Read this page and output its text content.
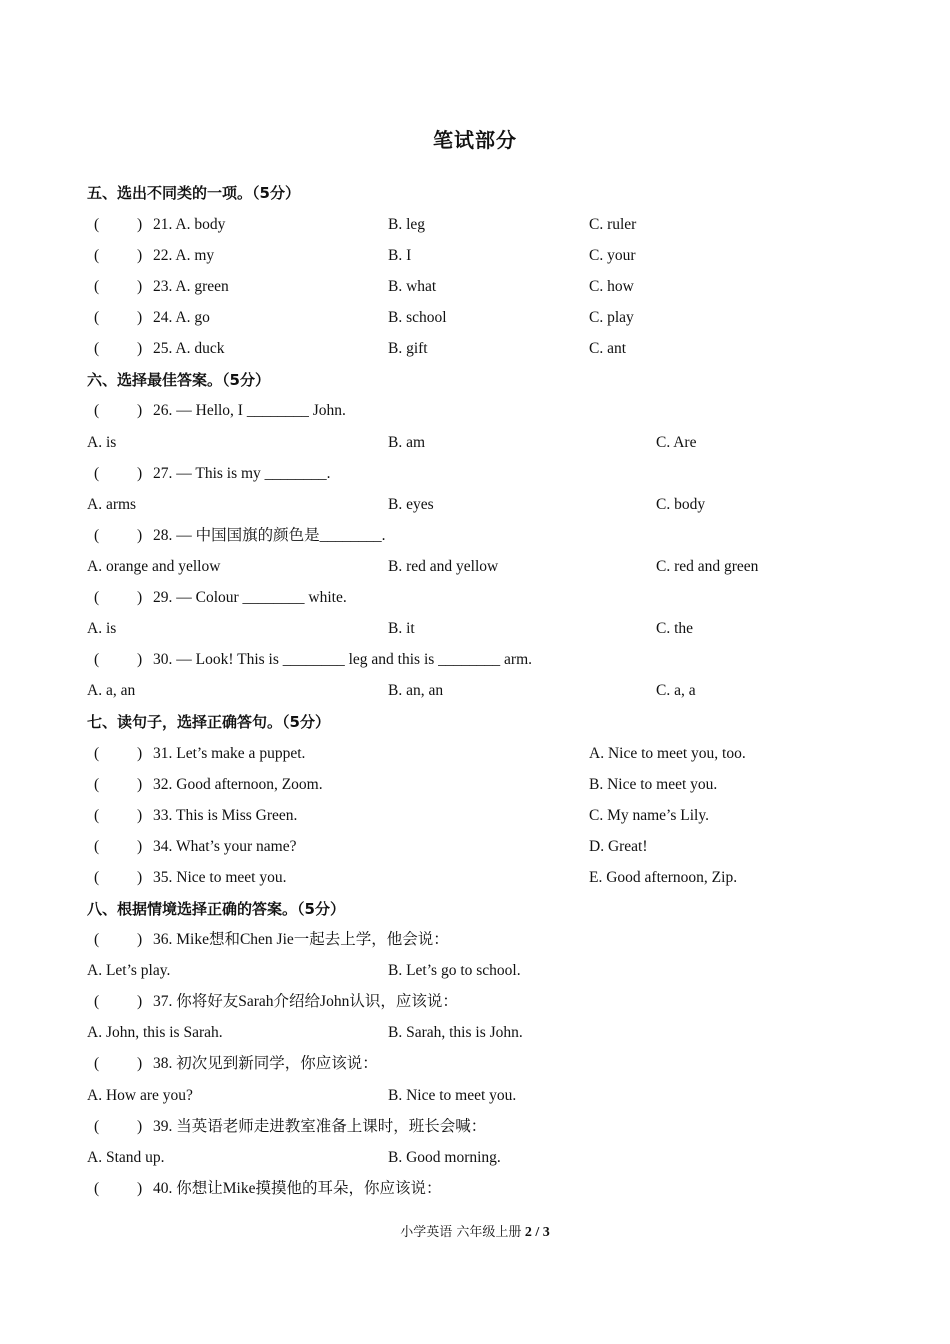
笔试部分
五、选出不同类的一项。（5分）
21. A. body	B. leg	C. ruler
22. A. my	B. I	C. your
23. A. green	B. what	C. how
24. A. go	B. school	C. play
25. A. duck	B. gift	C. ant
六、选择最佳答案。（5分）
26. — Hello, I ________ John.
A. is	B. am	C. Are
27. — This is my ________.
A. arms	B. eyes	C. body
28. — 中国国旗的颜色是________.
A. orange and yellow	B. red and yellow	C. red and green
29. — Colour ________ white.
A. is	B. it	C. the
30. — Look! This is ________ leg and this is ________ arm.
A. a, an	B. an, an	C. a, a
七、读句子，选择正确答句。（5分）
31. Let’s make a puppet.	A. Nice to meet you, too.
32. Good afternoon, Zoom.	B. Nice to meet you.
33. This is Miss Green.	C. My name’s Lily.
34. What’s your name?	D. Great!
35. Nice to meet you.	E. Good afternoon, Zip.
八、根据情境选择正确的答案。（5分）
36. Mike想和Chen Jie一起去上学，他会说：
A. Let’s play.	B. Let’s go to school.
37. 你将好友Sarah介绍给John认识，应该说：
A. John, this is Sarah.	B. Sarah, this is John.
38. 初次见到新同学，你应该说：
A. How are you?	B. Nice to meet you.
39. 当英语老师走进教室准备上课时，班长会喊：
A. Stand up.	B. Good morning.
40. 你想让Mike摸摸他的耳朵，你应该说：
小学英语 六年级上册 2 / 3
